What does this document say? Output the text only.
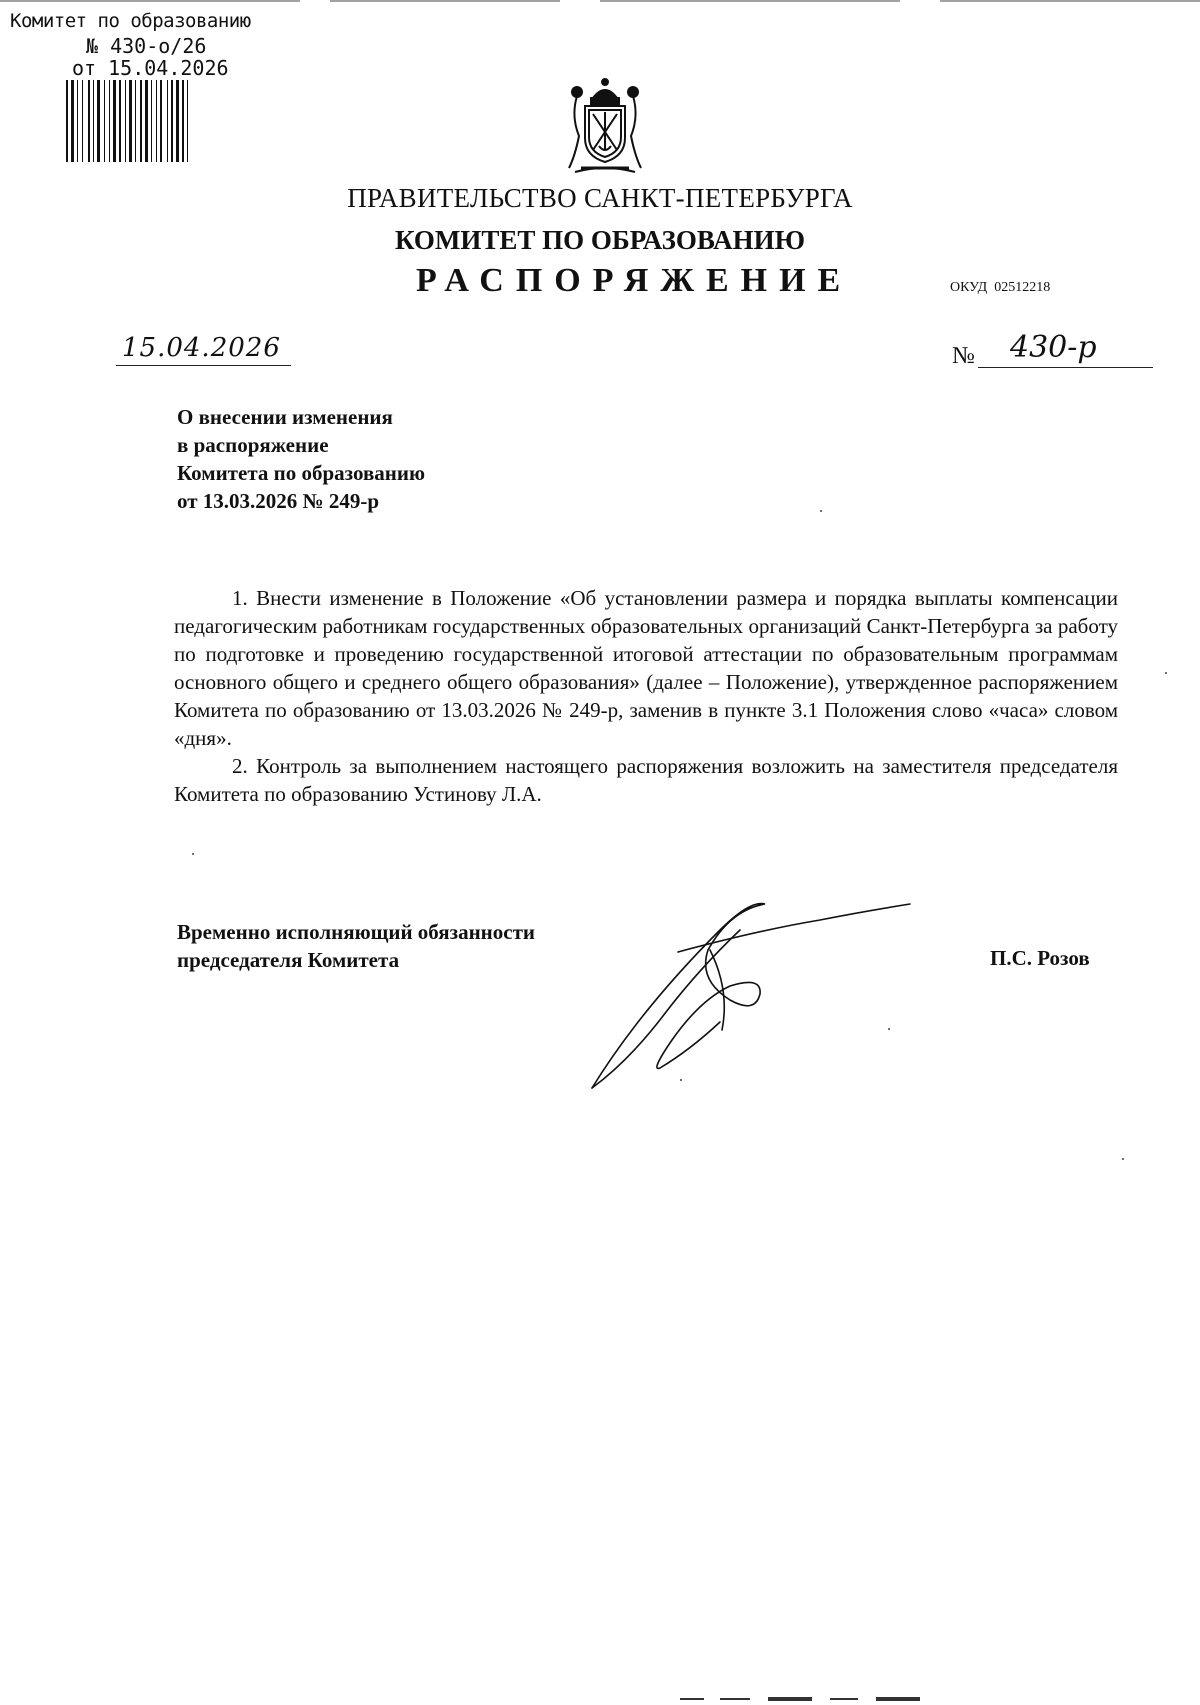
Комитет по образованию
№ 430-о/26
от 15.04.2026
ПРАВИТЕЛЬСТВО САНКТ-ПЕТЕРБУРГА
КОМИТЕТ ПО ОБРАЗОВАНИЮ
РАСПОРЯЖЕНИЕ	ОКУД 02512218
15.04.2026	№ 430-р
О внесении изменения
в распоряжение
Комитета по образованию
от 13.03.2026 № 249-р

1. Внести изменение в Положение «Об установлении размера и порядка выплаты компенсации педагогическим работникам государственных образовательных организаций Санкт-Петербурга за работу по подготовке и проведению государственной итоговой аттестации по образовательным программам основного общего и среднего общего образования» (далее – Положение), утвержденное распоряжением Комитета по образованию от 13.03.2026 № 249-р, заменив в пункте 3.1 Положения слово «часа» словом «дня».

2. Контроль за выполнением настоящего распоряжения возложить на заместителя председателя Комитета по образованию Устинову Л.А.

Временно исполняющий обязанности
председателя Комитета	П.С. Розов
